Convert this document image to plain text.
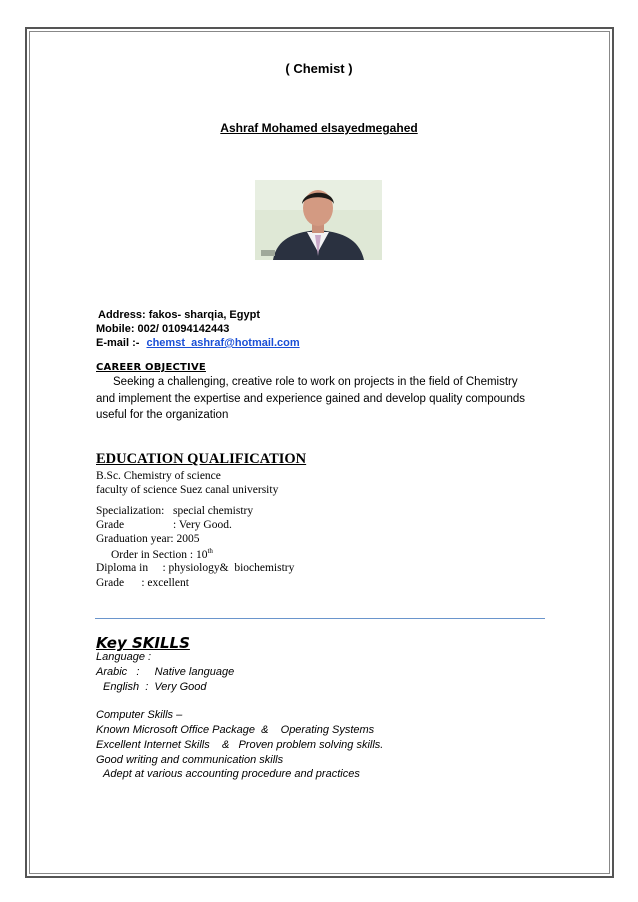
( Chemist )
Ashraf Mohamed elsayedmegahed
Address: fakos- sharqia, Egypt
Mobile: 002/ 01094142443
E-mail :- chemst_ashraf@hotmail.com
CAREER OBJECTIVE
Seeking a challenging, creative role to work on projects in the field of Chemistry
and implement the expertise and experience gained and develop quality compounds
useful for the organization
EDUCATION QUALIFICATION
B.Sc. Chemistry of science
faculty of science Suez canal university
Specialization:   special chemistry
Grade                 : Very Good.
Graduation year: 2005
Order in Section : 10th
Diploma in     : physiology&  biochemistry
Grade      : excellent
Key SKILLS
Language :
Arabic   :     Native language
English  :  Very Good
Computer Skills –
Known Microsoft Office Package  &    Operating Systems
Excellent Internet Skills    &   Proven problem solving skills.
Good writing and communication skills
Adept at various accounting procedure and practices
